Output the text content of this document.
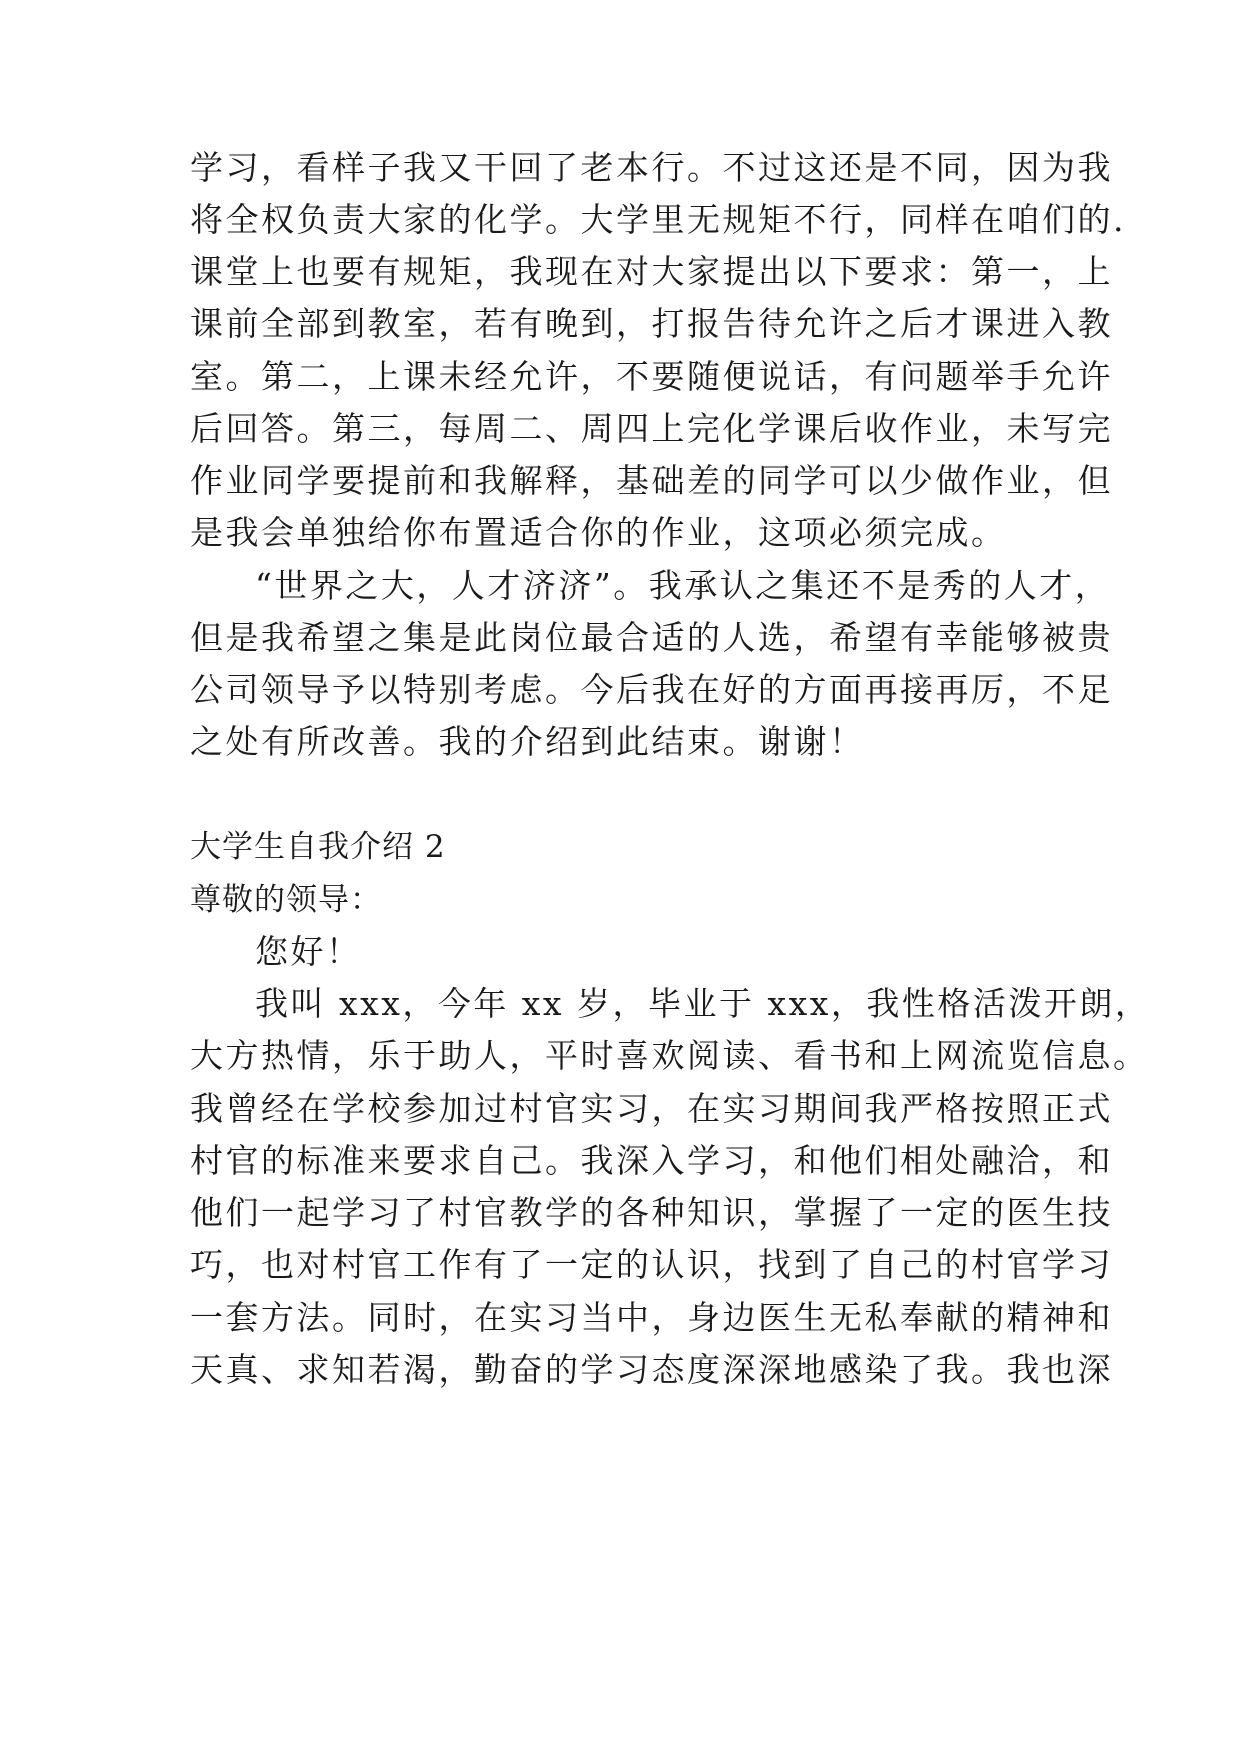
学习，看样子我又干回了老本行。不过这还是不同，因为我
将全权负责大家的化学。大学里无规矩不行，同样在咱们的.
课堂上也要有规矩，我现在对大家提出以下要求：第一，上
课前全部到教室，若有晚到，打报告待允许之后才课进入教
室。第二，上课未经允许，不要随便说话，有问题举手允许
后回答。第三，每周二、周四上完化学课后收作业，未写完
作业同学要提前和我解释，基础差的同学可以少做作业，但
是我会单独给你布置适合你的作业，这项必须完成。
“世界之大，人才济济”。我承认之集还不是秀的人才，
但是我希望之集是此岗位最合适的人选，希望有幸能够被贵
公司领导予以特别考虑。今后我在好的方面再接再厉，不足
之处有所改善。我的介绍到此结束。谢谢！
大学生自我介绍 2
尊敬的领导：
您好！
我叫 xxx，今年 xx 岁，毕业于 xxx，我性格活泼开朗，
大方热情，乐于助人，平时喜欢阅读、看书和上网流览信息。
我曾经在学校参加过村官实习，在实习期间我严格按照正式
村官的标准来要求自己。我深入学习，和他们相处融洽，和
他们一起学习了村官教学的各种知识，掌握了一定的医生技
巧，也对村官工作有了一定的认识，找到了自己的村官学习
一套方法。同时，在实习当中，身边医生无私奉献的精神和
天真、求知若渴，勤奋的学习态度深深地感染了我。我也深
